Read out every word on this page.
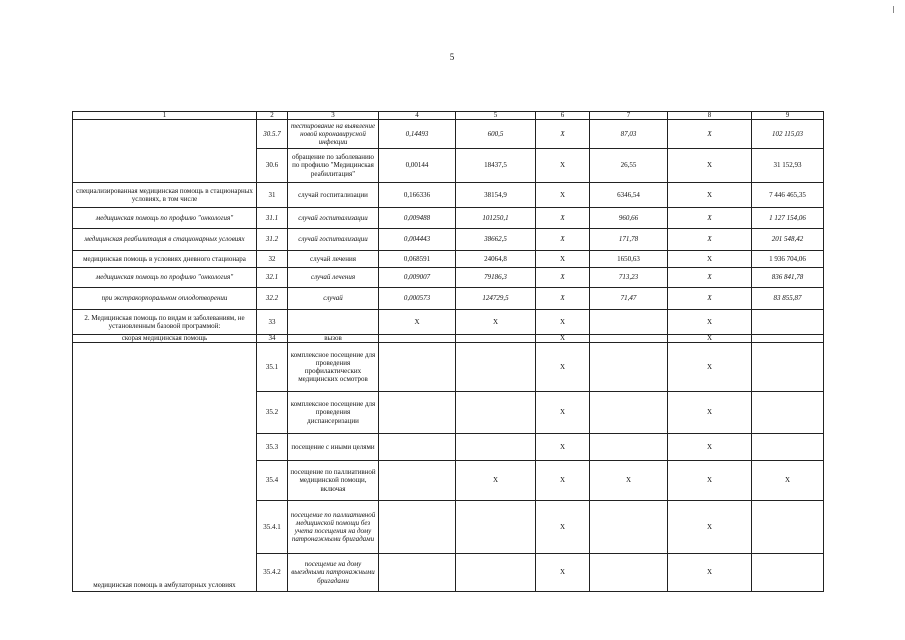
5
1	2	3	4	5	6	7	8	9	
	30.5.7	тестирование на выявление новой коронавирусной инфекции	0,14493	600,5	X	87,03	X	102 115,03	
	30.6	обращение по заболеванию по профилю "Медицинская реабилитация"	0,00144	18437,5	X	26,55	X	31 152,93	
специализированная медицинская помощь в стационарных условиях, в том числе	31	случай госпитализации	0,166336	38154,9	X	6346,54	X	7 446 465,35	
медицинская помощь по профилю "онкология"	31.1	случай госпитализации	0,009488	101250,1	X	960,66	X	1 127 154,06	
медицинская реабилитация в стационарных условиях	31.2	случай госпитализации	0,004443	38662,5	X	171,78	X	201 548,42	
медицинская помощь в условиях дневного стационара	32	случай лечения	0,068591	24064,8	X	1650,63	X	1 936 704,06	
медицинская помощь по профилю "онкология"	32.1	случай лечения	0,009007	79186,3	X	713,23	X	836 841,78	
при экстракорпоральном оплодотворении	32.2	случай	0,000573	124729,5	X	71,47	X	83 855,87	
2. Медицинская помощь по видам и заболеваниям, не установленным базовой программой:	33		X	X	X		X		
скорая медицинская помощь	34	вызов			X		X		
медицинская помощь в амбулаторных условиях	35.1	комплексное посещение для проведения профилактических медицинских осмотров			X		X		
	35.2	комплексное посещение для проведения диспансеризации			X		X		
	35.3	посещение с иными целями			X		X		
	35.4	посещение по паллиативной медицинской помощи, включая		X	X	X	X	X	
	35.4.1	посещение по паллиативной медицинской помощи без учета посещения на дому патронажными бригадами			X		X		
	35.4.2	посещение на дому выездными патронажными бригадами			X		X		
